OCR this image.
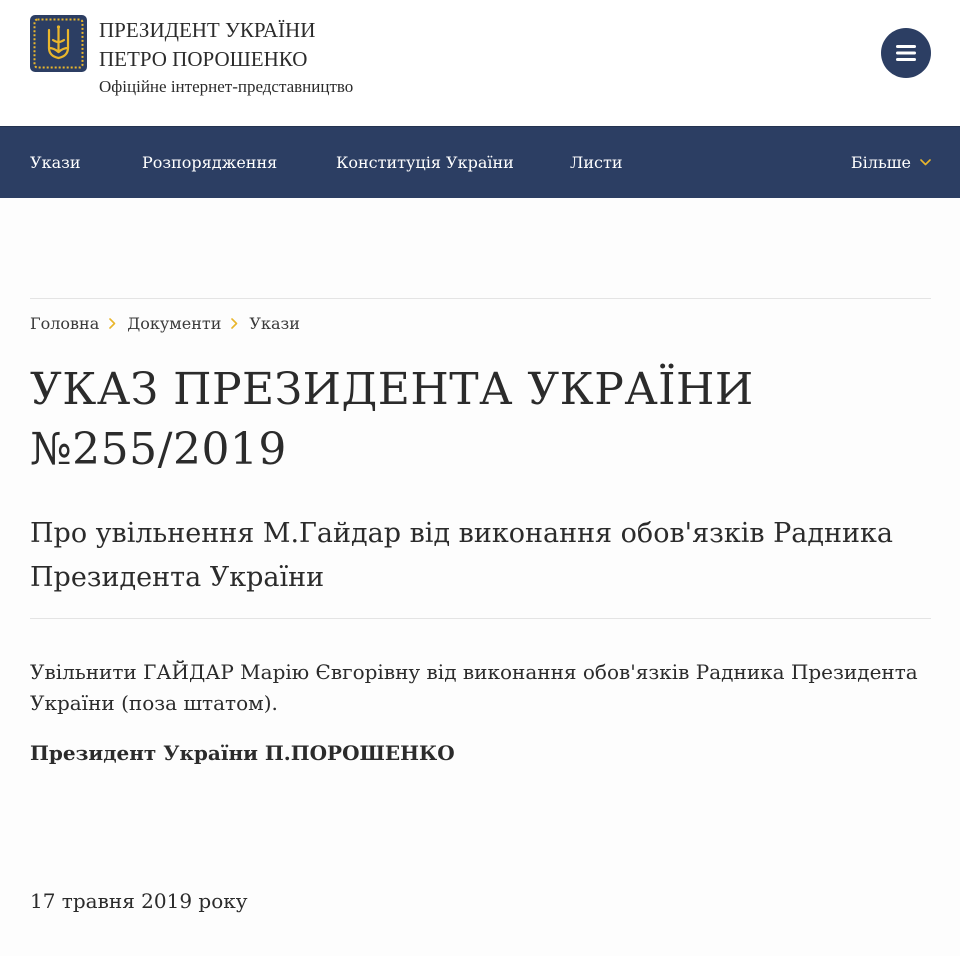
ПРЕЗИДЕНТ УКРАЇНИ
ПЕТРО ПОРОШЕНКО
Офіційне інтернет-представництво
Укази	Розпорядження	Конституція України	Листи	Більше
Головна Документи Укази
УКАЗ ПРЕЗИДЕНТА УКРАЇНИ
№255/2019
Про увільнення М.Гайдар від виконання обов'язків Радника Президента України

Увільнити ГАЙДАР Марію Євгорівну від виконання обов'язків Радника Президента України (поза штатом).

Президент України П.ПОРОШЕНКО

17 травня 2019 року
